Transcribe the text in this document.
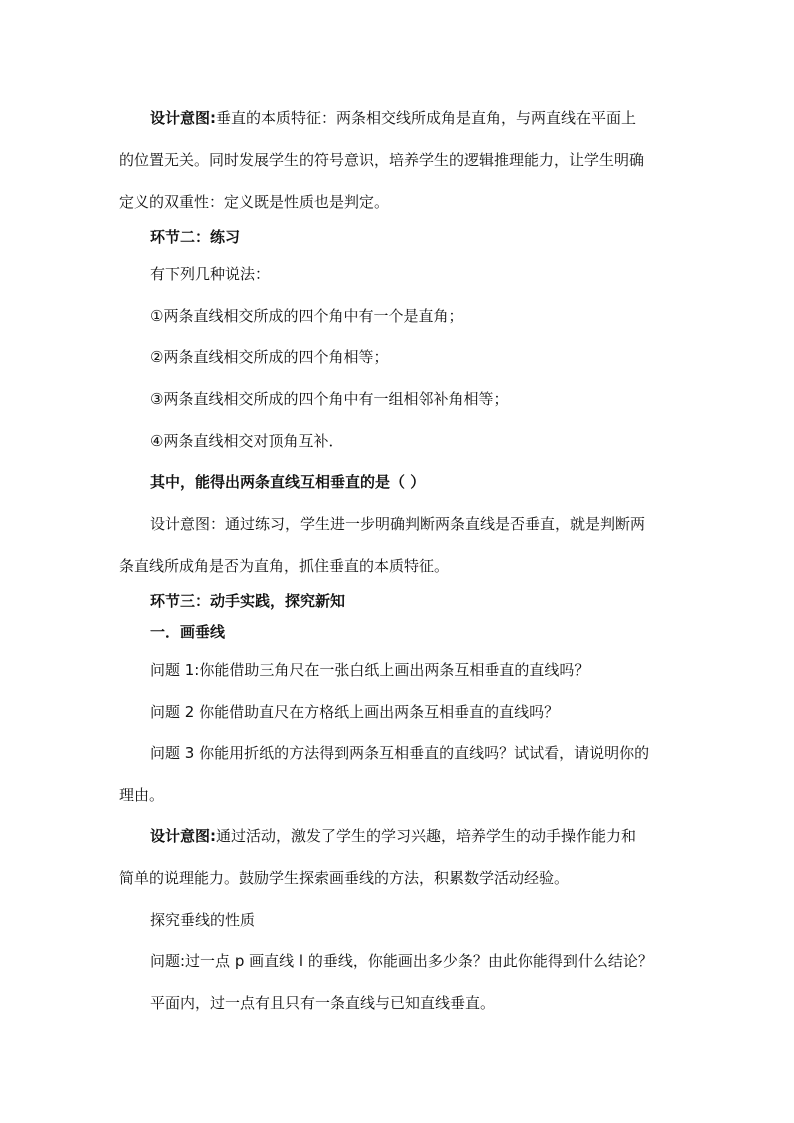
设计意图:垂直的本质特征：两条相交线所成角是直角，与两直线在平面上
的位置无关。同时发展学生的符号意识，培养学生的逻辑推理能力，让学生明确
定义的双重性：定义既是性质也是判定。
环节二：练习
有下列几种说法：
①两条直线相交所成的四个角中有一个是直角；
②两条直线相交所成的四个角相等；
③两条直线相交所成的四个角中有一组相邻补角相等；
④两条直线相交对顶角互补．
其中，能得出两条直线互相垂直的是（ ）
设计意图：通过练习，学生进一步明确判断两条直线是否垂直，就是判断两
条直线所成角是否为直角，抓住垂直的本质特征。
环节三：动手实践，探究新知
一．画垂线
问题 1:你能借助三角尺在一张白纸上画出两条互相垂直的直线吗？
问题 2 你能借助直尺在方格纸上画出两条互相垂直的直线吗？
问题 3 你能用折纸的方法得到两条互相垂直的直线吗？试试看，请说明你的
理由。
设计意图:通过活动，激发了学生的学习兴趣，培养学生的动手操作能力和
简单的说理能力。鼓励学生探索画垂线的方法，积累数学活动经验。
探究垂线的性质
问题:过一点 p 画直线 l 的垂线，你能画出多少条？由此你能得到什么结论？
平面内，过一点有且只有一条直线与已知直线垂直。
